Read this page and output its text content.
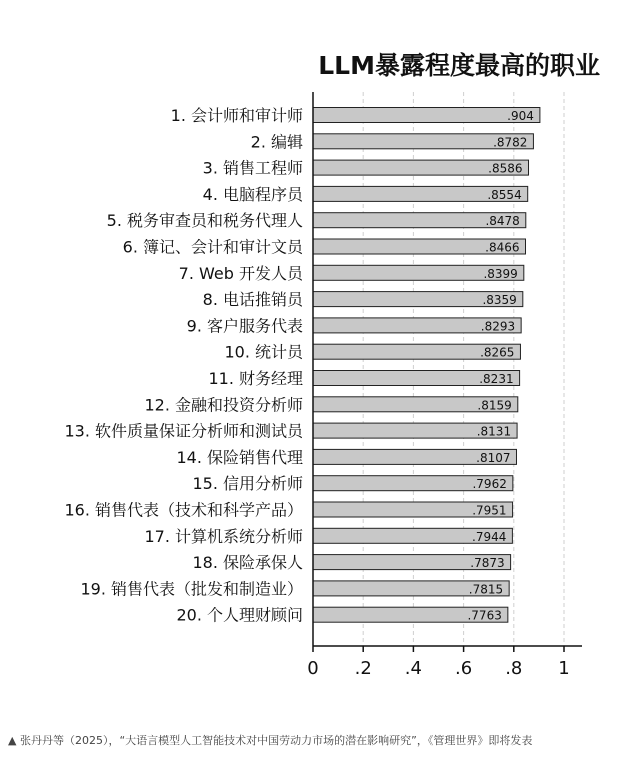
LLM暴露程度最高的职业
.904
1. 会计师和审计师
.8782
2. 编辑
.8586
3. 销售工程师
.8554
4. 电脑程序员
.8478
5. 税务审查员和税务代理人
.8466
6. 簿记、会计和审计文员
.8399
7. Web 开发人员
.8359
8. 电话推销员
.8293
9. 客户服务代表
.8265
10. 统计员
.8231
11. 财务经理
.8159
12. 金融和投资分析师
.8131
13. 软件质量保证分析师和测试员
.8107
14. 保险销售代理
.7962
15. 信用分析师
.7951
16. 销售代表（技术和科学产品）
.7944
17. 计算机系统分析师
.7873
18. 保险承保人
.7815
19. 销售代表（批发和制造业）
.7763
20. 个人理财顾问
0 .2 .4 .6 .8 1
▲ 张丹丹等（2025），“大语言模型人工智能技术对中国劳动力市场的潜在影响研究”，《管理世界》即将发表
